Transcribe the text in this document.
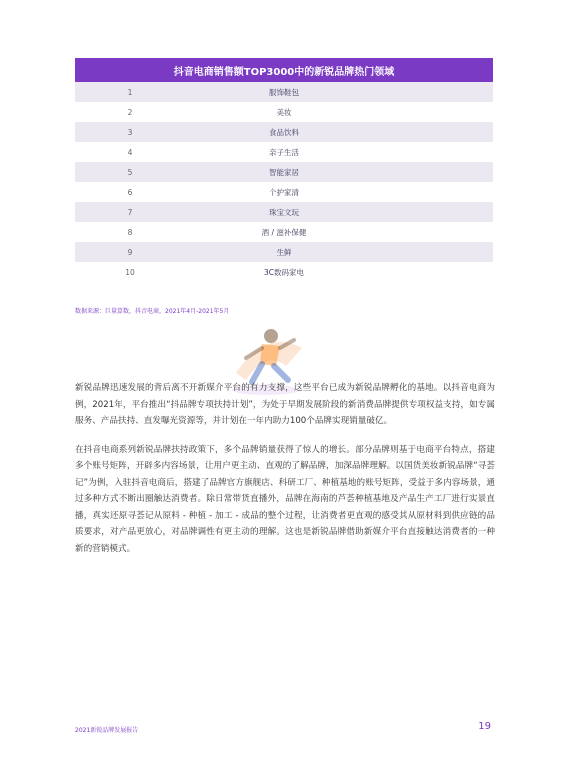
抖音电商销售额TOP3000中的新锐品牌热门领域
1	服饰鞋包
2	美妆
3	食品饮料
4	亲子生活
5	智能家居
6	个护家清
7	珠宝文玩
8	酒 / 滋补保健
9	生鲜
10	3C数码家电
数据来源：巨量算数，抖音电商，2021年4月-2021年5月

新锐品牌迅速发展的背后离不开新媒介平台的有力支撑，这些平台已成为新锐品牌孵化的基地。以抖音电商为例，2021年，平台推出“抖品牌专项扶持计划”，为处于早期发展阶段的新消费品牌提供专项权益支持，如专属服务、产品扶持、直发曝光资源等，并计划在一年内助力100个品牌实现销量破亿。

在抖音电商系列新锐品牌扶持政策下，多个品牌销量获得了惊人的增长。部分品牌则基于电商平台特点，搭建多个账号矩阵，开辟多内容场景，让用户更主动、直观的了解品牌，加深品牌理解。以国货美妆新锐品牌“寻荟记”为例，入驻抖音电商后，搭建了品牌官方旗舰店、科研工厂、种植基地的账号矩阵，受益于多内容场景，通过多种方式不断出圈触达消费者。除日常带货直播外，品牌在海南的芦荟种植基地及产品生产工厂进行实景直播，真实还原寻荟记从原料 - 种植 - 加工 - 成品的整个过程，让消费者更直观的感受其从原材料到供应链的品质要求，对产品更放心，对品牌调性有更主动的理解。这也是新锐品牌借助新媒介平台直接触达消费者的一种新的营销模式。

2021新锐品牌发展报告	19
